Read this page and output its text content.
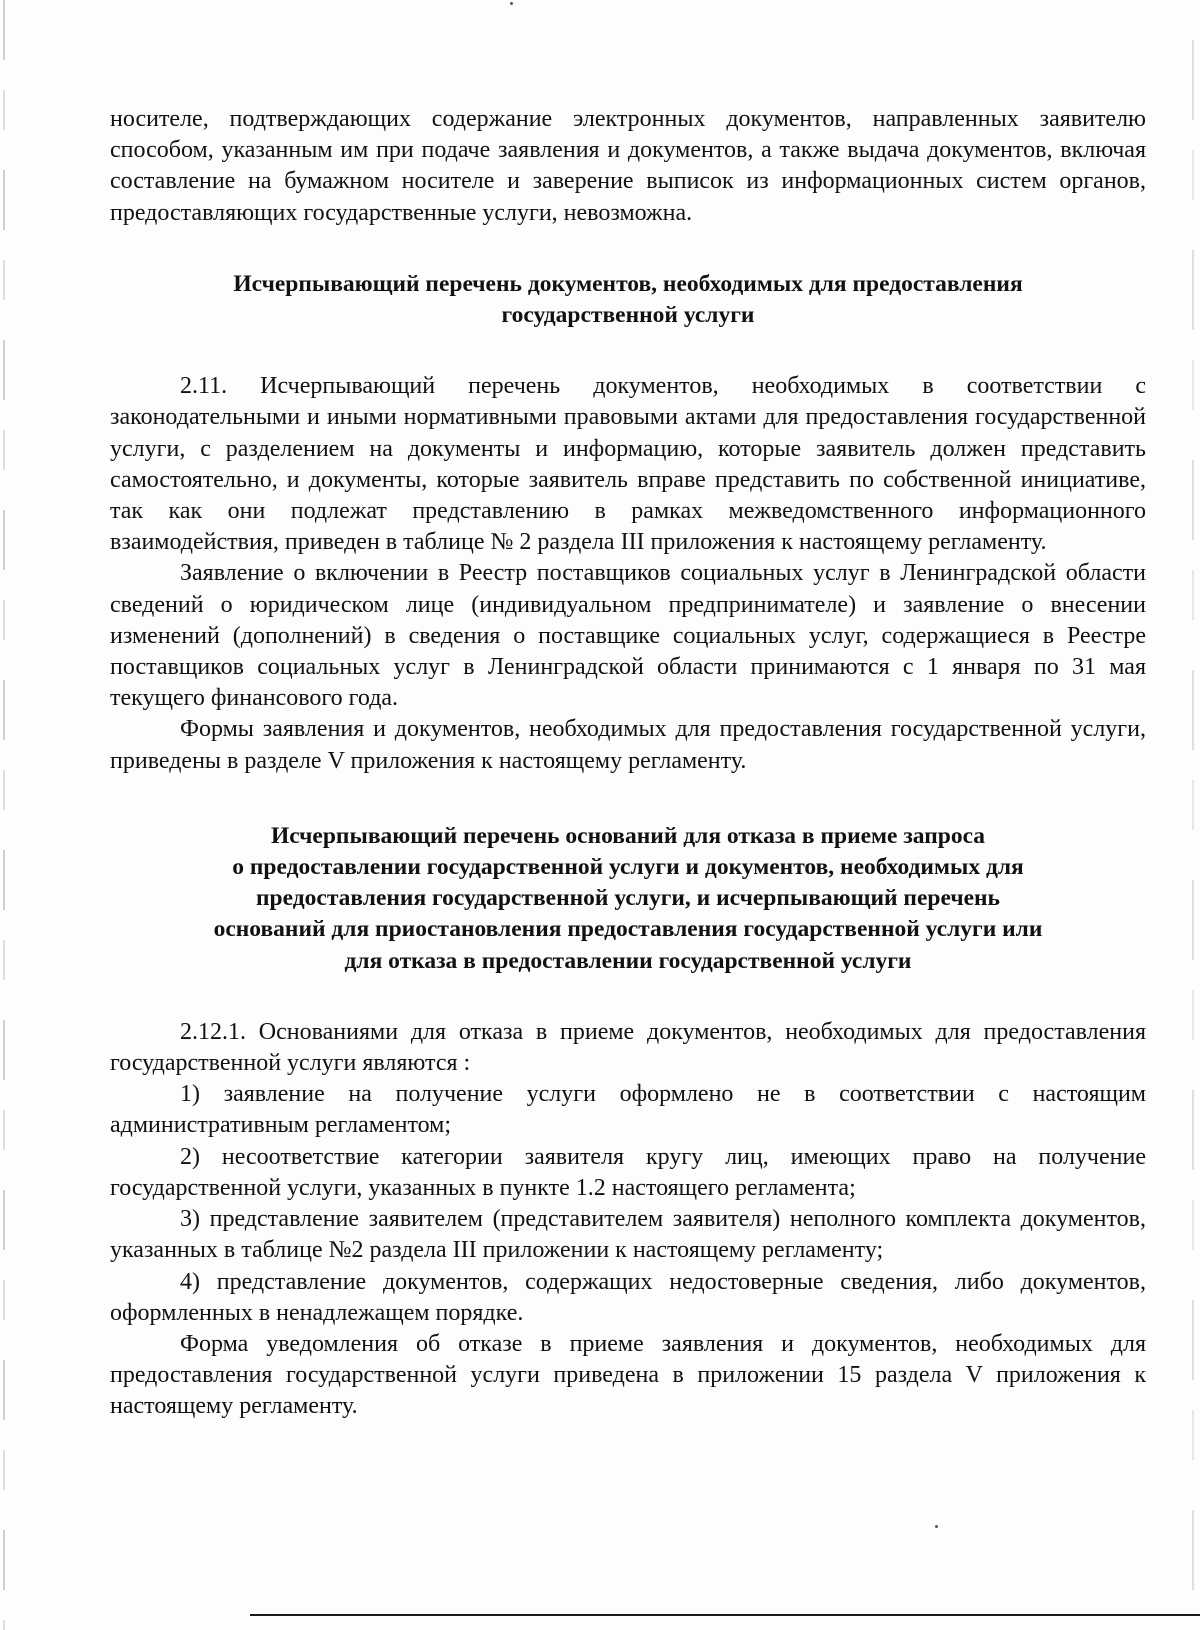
носителе, подтверждающих содержание электронных документов, направленных заявителю способом, указанным им при подаче заявления и документов, а также выдача документов, включая составление на бумажном носителе и заверение выписок из информационных систем органов, предоставляющих государственные услуги, невозможна.

Исчерпывающий перечень документов, необходимых для предоставления

государственной услуги

2.11. Исчерпывающий перечень документов, необходимых в соответствии с законодательными и иными нормативными правовыми актами для предоставления государственной услуги, с разделением на документы и информацию, которые заявитель должен представить самостоятельно, и документы, которые заявитель вправе представить по собственной инициативе, так как они подлежат представлению в рамках межведомственного информационного взаимодействия, приведен в таблице № 2 раздела III приложения к настоящему регламенту.

Заявление о включении в Реестр поставщиков социальных услуг в Ленинградской области сведений о юридическом лице (индивидуальном предпринимателе) и заявление о внесении изменений (дополнений) в сведения о поставщике социальных услуг, содержащиеся в Реестре поставщиков социальных услуг в Ленинградской области принимаются с 1 января по 31 мая текущего финансового года.

Формы заявления и документов, необходимых для предоставления государственной услуги, приведены в разделе V приложения к настоящему регламенту.

Исчерпывающий перечень оснований для отказа в приеме запроса

о предоставлении государственной услуги и документов, необходимых для

предоставления государственной услуги, и исчерпывающий перечень

оснований для приостановления предоставления государственной услуги или

для отказа в предоставлении государственной услуги

2.12.1. Основаниями для отказа в приеме документов, необходимых для предоставления государственной услуги являются :

1) заявление на получение услуги оформлено не в соответствии с настоящим административным регламентом;

2) несоответствие категории заявителя кругу лиц, имеющих право на получение государственной услуги, указанных в пункте 1.2 настоящего регламента;

3) представление заявителем (представителем заявителя) неполного комплекта документов, указанных в таблице №2 раздела III приложении к настоящему регламенту;

4) представление документов, содержащих недостоверные сведения, либо документов, оформленных в ненадлежащем порядке.

Форма уведомления об отказе в приеме заявления и документов, необходимых для предоставления государственной услуги приведена в приложении 15 раздела V приложения к настоящему регламенту.
